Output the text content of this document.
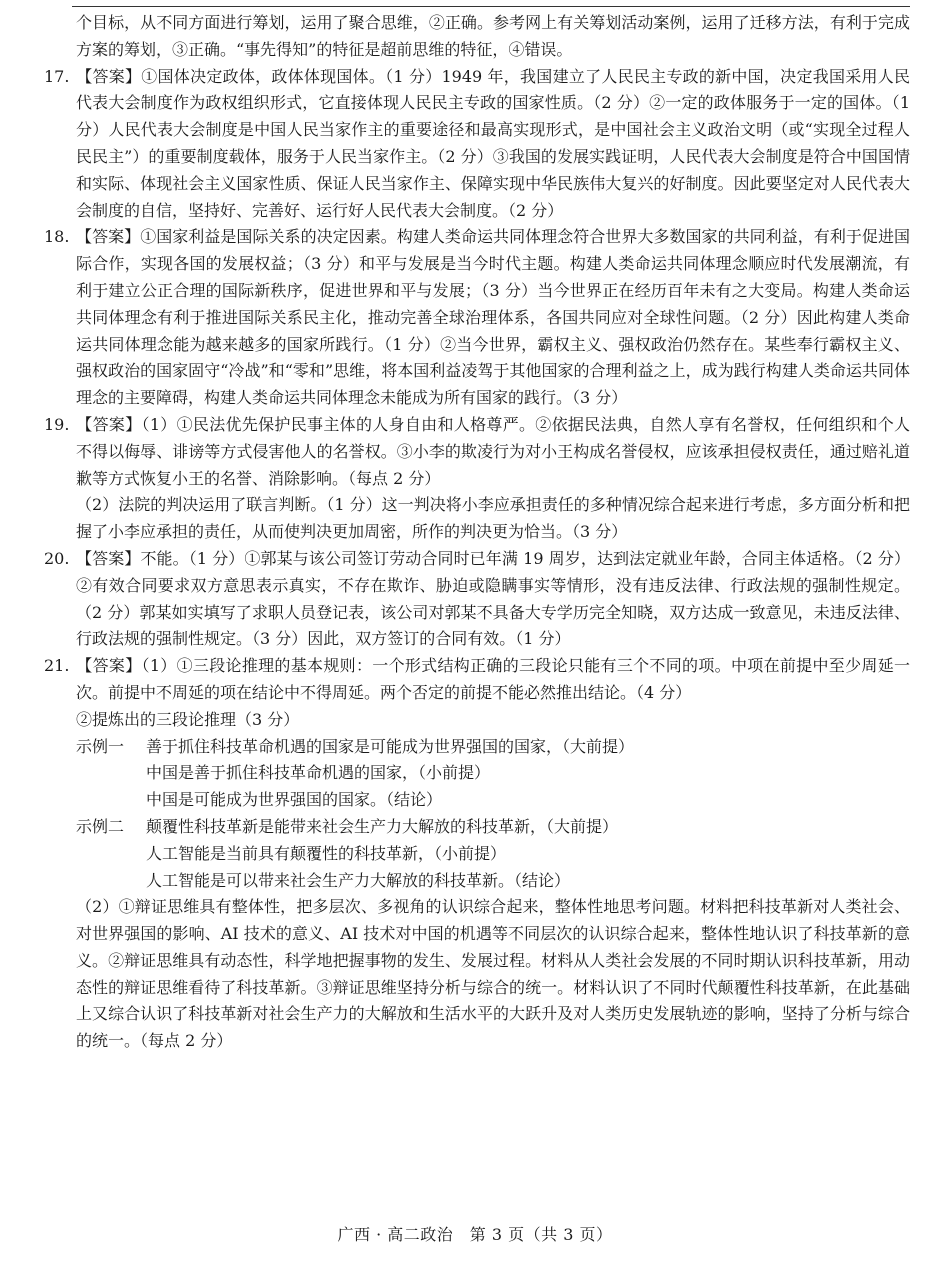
个目标，从不同方面进行筹划，运用了聚合思维，②正确。参考网上有关筹划活动案例，运用了迁移方法，有利于完成方案的筹划，③正确。“事先得知”的特征是超前思维的特征，④错误。
17. 【答案】①国体决定政体，政体体现国体。（1 分）1949 年，我国建立了人民民主专政的新中国，决定我国采用人民代表大会制度作为政权组织形式，它直接体现人民民主专政的国家性质。（2 分）②一定的政体服务于一定的国体。（1 分）人民代表大会制度是中国人民当家作主的重要途径和最高实现形式，是中国社会主义政治文明（或“实现全过程人民民主”）的重要制度载体，服务于人民当家作主。（2 分）③我国的发展实践证明，人民代表大会制度是符合中国国情和实际、体现社会主义国家性质、保证人民当家作主、保障实现中华民族伟大复兴的好制度。因此要坚定对人民代表大会制度的自信，坚持好、完善好、运行好人民代表大会制度。（2 分）
18. 【答案】①国家利益是国际关系的决定因素。构建人类命运共同体理念符合世界大多数国家的共同利益，有利于促进国际合作，实现各国的发展权益；（3 分）和平与发展是当今时代主题。构建人类命运共同体理念顺应时代发展潮流，有利于建立公正合理的国际新秩序，促进世界和平与发展；（3 分）当今世界正在经历百年未有之大变局。构建人类命运共同体理念有利于推进国际关系民主化，推动完善全球治理体系，各国共同应对全球性问题。（2 分）因此构建人类命运共同体理念能为越来越多的国家所践行。（1 分）②当今世界，霸权主义、强权政治仍然存在。某些奉行霸权主义、强权政治的国家固守“冷战”和“零和”思维，将本国利益凌驾于其他国家的合理利益之上，成为践行构建人类命运共同体理念的主要障碍，构建人类命运共同体理念未能成为所有国家的践行。（3 分）
19. 【答案】（1）①民法优先保护民事主体的人身自由和人格尊严。②依据民法典，自然人享有名誉权，任何组织和个人不得以侮辱、诽谤等方式侵害他人的名誉权。③小李的欺凌行为对小王构成名誉侵权，应该承担侵权责任，通过赔礼道歉等方式恢复小王的名誉、消除影响。（每点 2 分）
（2）法院的判决运用了联言判断。（1 分）这一判决将小李应承担责任的多种情况综合起来进行考虑，多方面分析和把握了小李应承担的责任，从而使判决更加周密，所作的判决更为恰当。（3 分）
20. 【答案】不能。（1 分）①郭某与该公司签订劳动合同时已年满 19 周岁，达到法定就业年龄，合同主体适格。（2 分）②有效合同要求双方意思表示真实，不存在欺诈、胁迫或隐瞒事实等情形，没有违反法律、行政法规的强制性规定。（2 分）郭某如实填写了求职人员登记表，该公司对郭某不具备大专学历完全知晓，双方达成一致意见，未违反法律、行政法规的强制性规定。（3 分）因此，双方签订的合同有效。（1 分）
21. 【答案】（1）①三段论推理的基本规则：一个形式结构正确的三段论只能有三个不同的项。中项在前提中至少周延一次。前提中不周延的项在结论中不得周延。两个否定的前提不能必然推出结论。（4 分）
②提炼出的三段论推理（3 分）
示例一	善于抓住科技革命机遇的国家是可能成为世界强国的国家，（大前提）
中国是善于抓住科技革命机遇的国家，（小前提）
中国是可能成为世界强国的国家。（结论）
示例二	颠覆性科技革新是能带来社会生产力大解放的科技革新，（大前提）
人工智能是当前具有颠覆性的科技革新，（小前提）
人工智能是可以带来社会生产力大解放的科技革新。（结论）
（2）①辩证思维具有整体性，把多层次、多视角的认识综合起来，整体性地思考问题。材料把科技革新对人类社会、对世界强国的影响、AI 技术的意义、AI 技术对中国的机遇等不同层次的认识综合起来，整体性地认识了科技革新的意义。②辩证思维具有动态性，科学地把握事物的发生、发展过程。材料从人类社会发展的不同时期认识科技革新，用动态性的辩证思维看待了科技革新。③辩证思维坚持分析与综合的统一。材料认识了不同时代颠覆性科技革新，在此基础上又综合认识了科技革新对社会生产力的大解放和生活水平的大跃升及对人类历史发展轨迹的影响，坚持了分析与综合的统一。（每点 2 分）
广西 · 高二政治　第 3 页（共 3 页）
